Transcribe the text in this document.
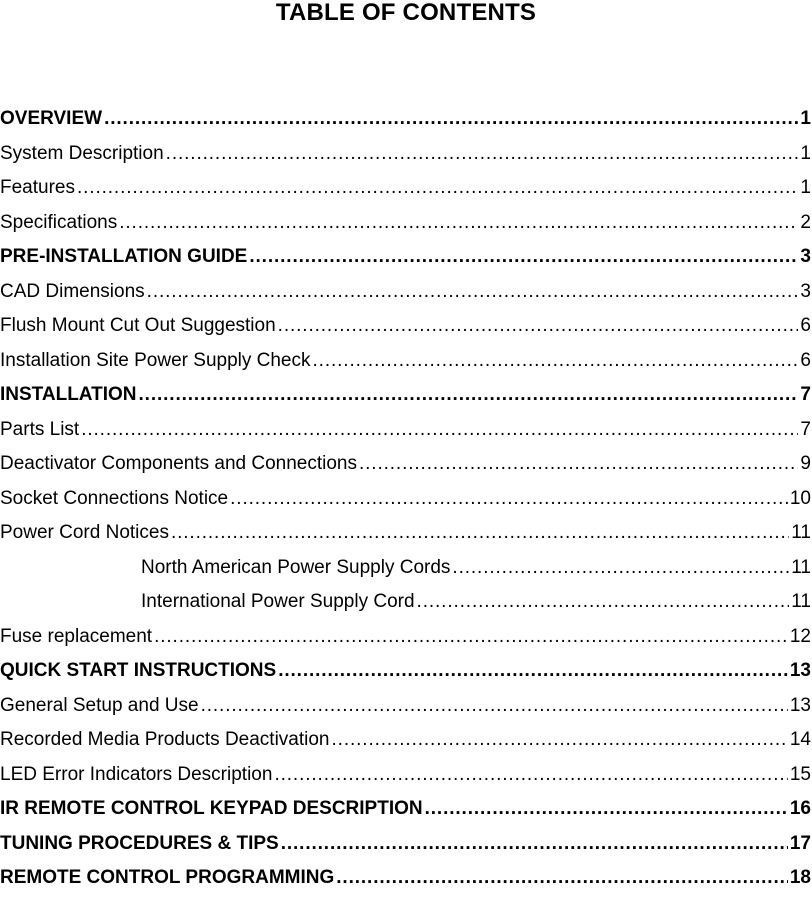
TABLE OF CONTENTS
OVERVIEW . . .	1
System Description . . .	1
Features . . .	1
Specifications . . .	2
PRE-INSTALLATION GUIDE . . .	3
CAD Dimensions . . .	3
Flush Mount Cut Out Suggestion . . .	6
Installation Site Power Supply Check . . .	6
INSTALLATION . . .	7
Parts List . . .	7
Deactivator Components and Connections . . .	9
Socket Connections Notice . . .	10
Power Cord Notices . . .	11
North American Power Supply Cords . . .	11
International Power Supply Cord . . .	11
Fuse replacement . . .	12
QUICK START INSTRUCTIONS . . .	13
General Setup and Use . . .	13
Recorded Media Products Deactivation . . .	14
LED Error Indicators Description . . .	15
IR REMOTE CONTROL KEYPAD DESCRIPTION . . .	16
TUNING PROCEDURES & TIPS . . .	17
REMOTE CONTROL PROGRAMMING . . .	18
